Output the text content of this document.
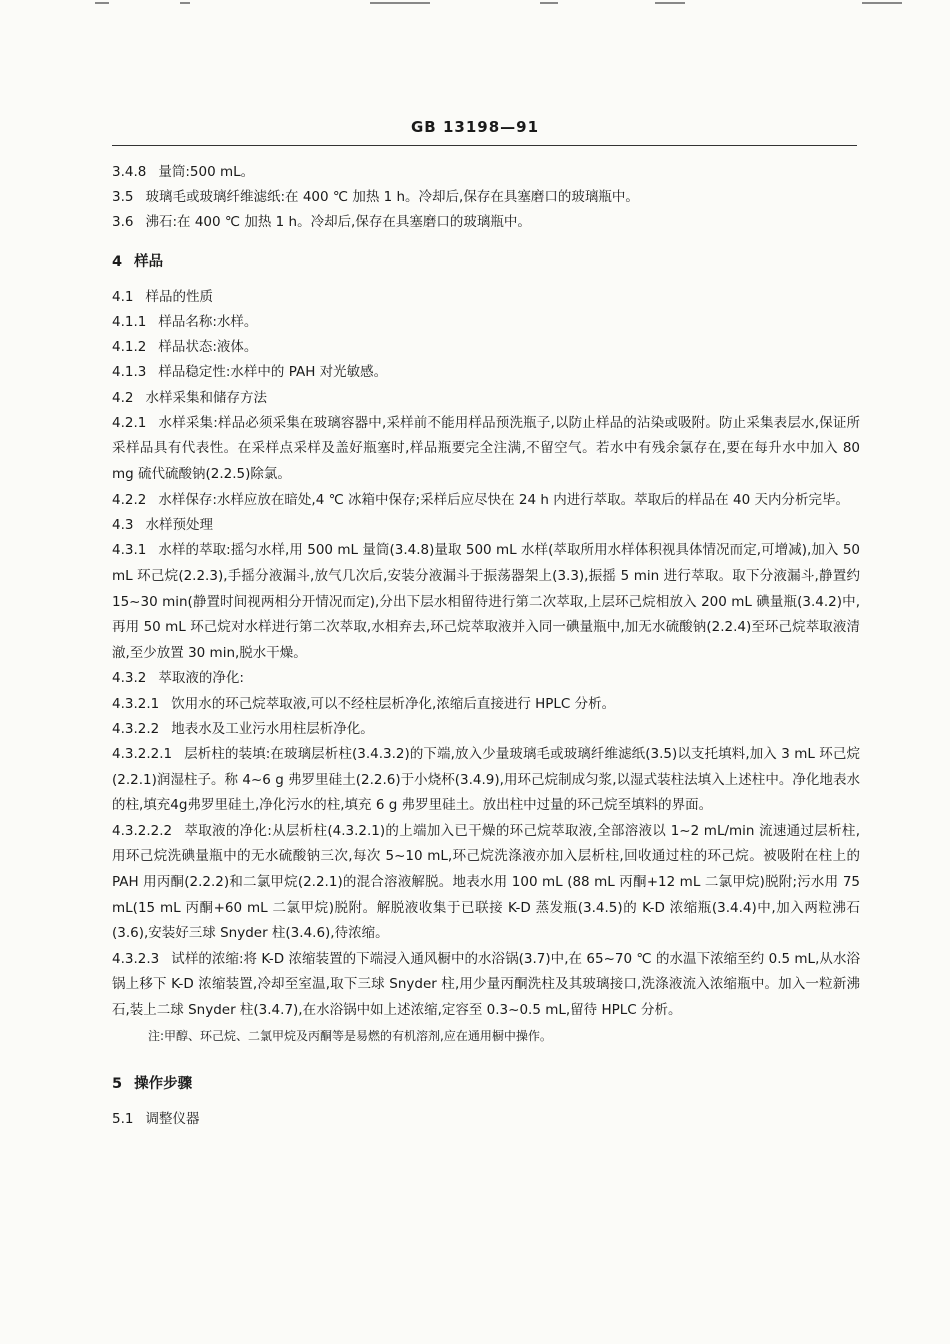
GB 13198—91
3.4.8 量筒:500 mL。
3.5 玻璃毛或玻璃纤维滤纸:在 400 ℃ 加热 1 h。冷却后,保存在具塞磨口的玻璃瓶中。
3.6 沸石:在 400 ℃ 加热 1 h。冷却后,保存在具塞磨口的玻璃瓶中。
4 样品
4.1 样品的性质
4.1.1 样品名称:水样。
4.1.2 样品状态:液体。
4.1.3 样品稳定性:水样中的 PAH 对光敏感。
4.2 水样采集和储存方法
4.2.1 水样采集:样品必须采集在玻璃容器中,采样前不能用样品预洗瓶子,以防止样品的沾染或吸附。防止采集表层水,保证所采样品具有代表性。在采样点采样及盖好瓶塞时,样品瓶要完全注满,不留空气。若水中有残余氯存在,要在每升水中加入 80 mg 硫代硫酸钠(2.2.5)除氯。
4.2.2 水样保存:水样应放在暗处,4 ℃ 冰箱中保存;采样后应尽快在 24 h 内进行萃取。萃取后的样品在 40 天内分析完毕。
4.3 水样预处理
4.3.1 水样的萃取:摇匀水样,用 500 mL 量筒(3.4.8)量取 500 mL 水样(萃取所用水样体积视具体情况而定,可增减),加入 50 mL 环己烷(2.2.3),手摇分液漏斗,放气几次后,安装分液漏斗于振荡器架上(3.3),振摇 5 min 进行萃取。取下分液漏斗,静置约 15~30 min(静置时间视两相分开情况而定),分出下层水相留待进行第二次萃取,上层环己烷相放入 200 mL 碘量瓶(3.4.2)中,再用 50 mL 环己烷对水样进行第二次萃取,水相弃去,环己烷萃取液并入同一碘量瓶中,加无水硫酸钠(2.2.4)至环己烷萃取液清澈,至少放置 30 min,脱水干燥。
4.3.2 萃取液的净化:
4.3.2.1 饮用水的环己烷萃取液,可以不经柱层析净化,浓缩后直接进行 HPLC 分析。
4.3.2.2 地表水及工业污水用柱层析净化。
4.3.2.2.1 层析柱的装填:在玻璃层析柱(3.4.3.2)的下端,放入少量玻璃毛或玻璃纤维滤纸(3.5)以支托填料,加入 3 mL 环己烷(2.2.1)润湿柱子。称 4~6 g 弗罗里硅土(2.2.6)于小烧杯(3.4.9),用环己烷制成匀浆,以湿式装柱法填入上述柱中。净化地表水的柱,填充4g弗罗里硅土,净化污水的柱,填充 6 g 弗罗里硅土。放出柱中过量的环己烷至填料的界面。
4.3.2.2.2 萃取液的净化:从层析柱(4.3.2.1)的上端加入已干燥的环己烷萃取液,全部溶液以 1~2 mL/min 流速通过层析柱,用环己烷洗碘量瓶中的无水硫酸钠三次,每次 5~10 mL,环己烷洗涤液亦加入层析柱,回收通过柱的环己烷。被吸附在柱上的 PAH 用丙酮(2.2.2)和二氯甲烷(2.2.1)的混合溶液解脱。地表水用 100 mL (88 mL 丙酮+12 mL 二氯甲烷)脱附;污水用 75 mL(15 mL 丙酮+60 mL 二氯甲烷)脱附。解脱液收集于已联接 K-D 蒸发瓶(3.4.5)的 K-D 浓缩瓶(3.4.4)中,加入两粒沸石(3.6),安装好三球 Snyder 柱(3.4.6),待浓缩。
4.3.2.3 试样的浓缩:将 K-D 浓缩装置的下端浸入通风橱中的水浴锅(3.7)中,在 65~70 ℃ 的水温下浓缩至约 0.5 mL,从水浴锅上移下 K-D 浓缩装置,冷却至室温,取下三球 Snyder 柱,用少量丙酮洗柱及其玻璃接口,洗涤液流入浓缩瓶中。加入一粒新沸石,装上二球 Snyder 柱(3.4.7),在水浴锅中如上述浓缩,定容至 0.3~0.5 mL,留待 HPLC 分析。
注:甲醇、环己烷、二氯甲烷及丙酮等是易燃的有机溶剂,应在通用橱中操作。
5 操作步骤
5.1 调整仪器
